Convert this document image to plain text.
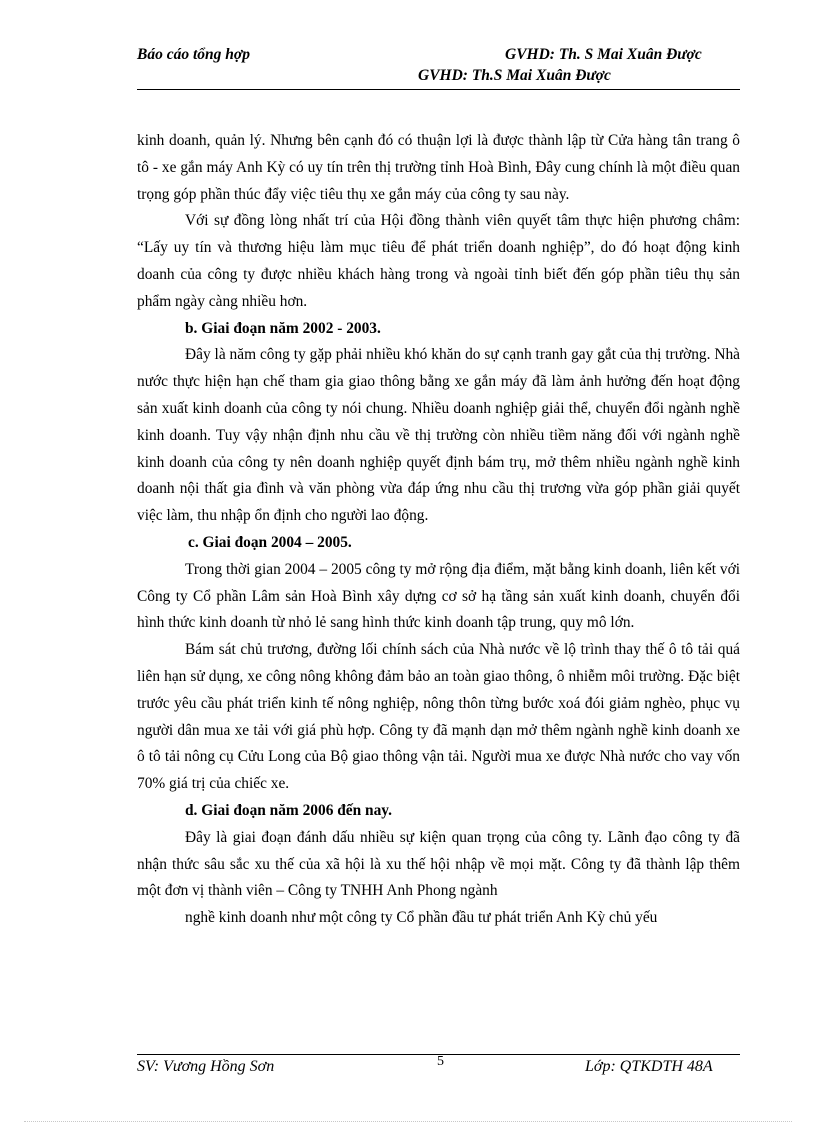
Báo cáo tổng hợp	GVHD: Th. S Mai Xuân Được
GVHD: Th.S Mai Xuân Được

kinh doanh, quản lý. Nhưng bên cạnh đó có thuận lợi là được thành lập từ Cửa hàng tân trang ô tô - xe gắn máy Anh Kỳ có uy tín trên thị trường tỉnh Hoà Bình, Đây cung chính là một điều quan trọng góp phần thúc đẩy việc tiêu thụ xe gắn máy của công ty sau này.

Với sự đồng lòng nhất trí của Hội đồng thành viên quyết tâm thực hiện phương châm: “Lấy uy tín và thương hiệu làm mục tiêu để phát triển doanh nghiệp”, do đó hoạt động kinh doanh của công ty được nhiều khách hàng trong và ngoài tỉnh biết đến góp phần tiêu thụ sản phẩm ngày càng nhiều hơn.

b. Giai đoạn năm 2002 - 2003.

Đây là năm công ty gặp phải nhiều khó khăn do sự cạnh tranh gay gắt của thị trường. Nhà nước thực hiện hạn chế tham gia giao thông bằng xe gắn máy đã làm ảnh hưởng đến hoạt động sản xuất kinh doanh của công ty nói chung. Nhiều doanh nghiệp giải thể, chuyển đổi ngành nghề kinh doanh. Tuy vậy nhận định nhu cầu về thị trường còn nhiều tiềm năng đối với ngành nghề kinh doanh của công ty nên doanh nghiệp quyết định bám trụ, mở thêm nhiều ngành nghề kinh doanh nội thất gia đình và văn phòng vừa đáp ứng nhu cầu thị trương vừa góp phần giải quyết việc làm, thu nhập ổn định cho người lao động.

c. Giai đoạn 2004 – 2005.

Trong thời gian 2004 – 2005 công ty mở rộng địa điểm, mặt bằng kinh doanh, liên kết với Công ty Cổ phần Lâm sản Hoà Bình xây dựng cơ sở hạ tầng sản xuất kinh doanh, chuyển đổi hình thức kinh doanh từ nhỏ lẻ sang hình thức kinh doanh tập trung, quy mô lớn.

Bám sát chủ trương, đường lối chính sách của Nhà nước về lộ trình thay thế ô tô tải quá liên hạn sử dụng, xe công nông không đảm bảo an toàn giao thông, ô nhiễm môi trường. Đặc biệt trước yêu cầu phát triển kinh tế nông nghiệp, nông thôn từng bước xoá đói giảm nghèo, phục vụ người dân mua xe tải với giá phù hợp. Công ty đã mạnh dạn mở thêm ngành nghề kinh doanh xe ô tô tải nông cụ Cửu Long của Bộ giao thông vận tải. Người mua xe được Nhà nước cho vay vốn 70% giá trị của chiếc xe.

d. Giai đoạn năm 2006 đến nay.

Đây là giai đoạn đánh dấu nhiều sự kiện quan trọng của công ty. Lãnh đạo công ty đã nhận thức sâu sắc xu thế của xã hội là xu thế hội nhập về mọi mặt. Công ty đã thành lập thêm một đơn vị thành viên – Công ty TNHH Anh Phong ngành

nghề kinh doanh như một công ty Cổ phần đầu tư phát triển Anh Kỳ chủ yếu

SV: Vương Hồng Sơn	5	Lớp: QTKDTH 48A
